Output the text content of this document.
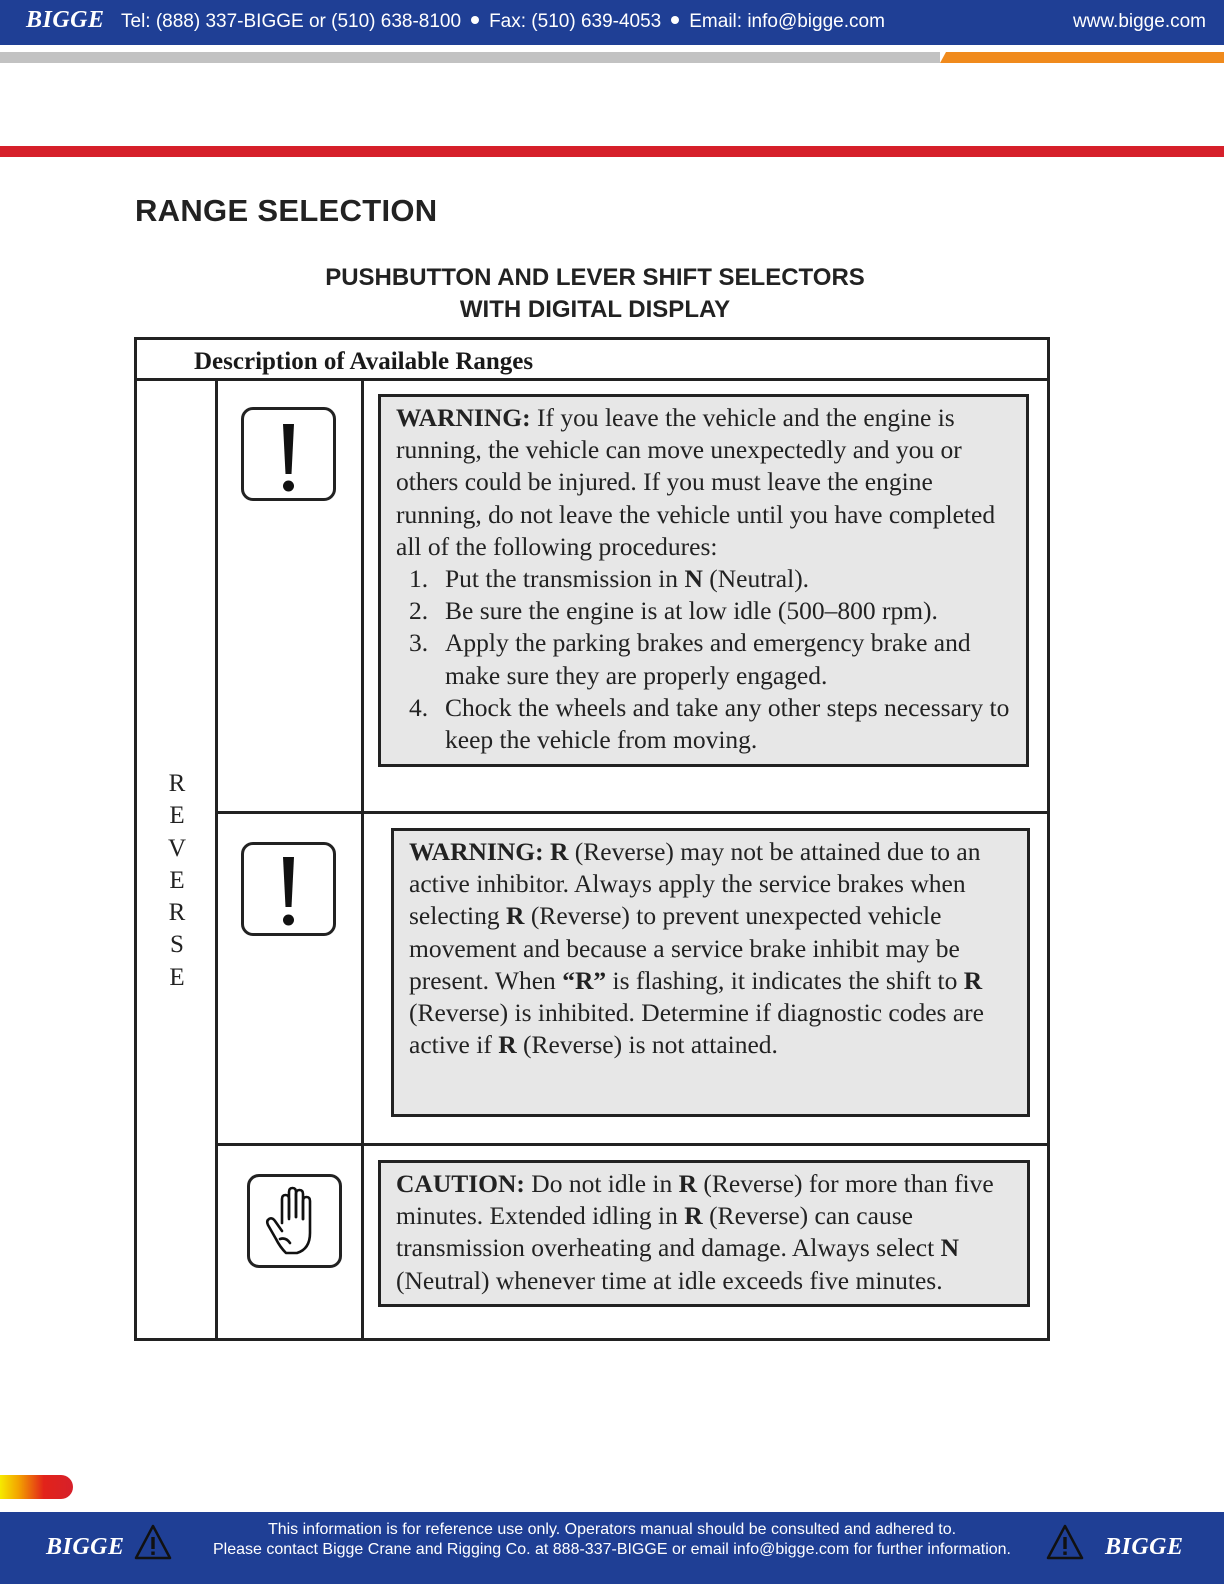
BIGGE Tel: (888) 337-BIGGE or (510) 638-8100 Fax: (510) 639-4053 Email: info@bigge.com	www.bigge.com
RANGE SELECTION
PUSHBUTTON AND LEVER SHIFT SELECTORS
WITH DIGITAL DISPLAY
Description of Available Ranges
R
E
V
E
R
S
E

WARNING: If you leave the vehicle and the engine is running, the vehicle can move unexpectedly and you or others could be injured. If you must leave the engine running, do not leave the vehicle until you have completed all of the following procedures:

1. Put the transmission in N (Neutral).
2. Be sure the engine is at low idle (500–800 rpm).
3. Apply the parking brakes and emergency brake and make sure they are properly engaged.
4. Chock the wheels and take any other steps necessary to keep the vehicle from moving.

WARNING: R (Reverse) may not be attained due to an active inhibitor. Always apply the service brakes when selecting R (Reverse) to prevent unexpected vehicle movement and because a service brake inhibit may be present. When “R” is flashing, it indicates the shift to R (Reverse) is inhibited. Determine if diagnostic codes are active if R (Reverse) is not attained.

CAUTION: Do not idle in R (Reverse) for more than five minutes. Extended idling in R (Reverse) can cause transmission overheating and damage. Always select N (Neutral) whenever time at idle exceeds five minutes.

BIGGE
This information is for reference use only. Operators manual should be consulted and adhered to.
Please contact Bigge Crane and Rigging Co. at 888-337-BIGGE or email info@bigge.com for further information.	BIGGE
